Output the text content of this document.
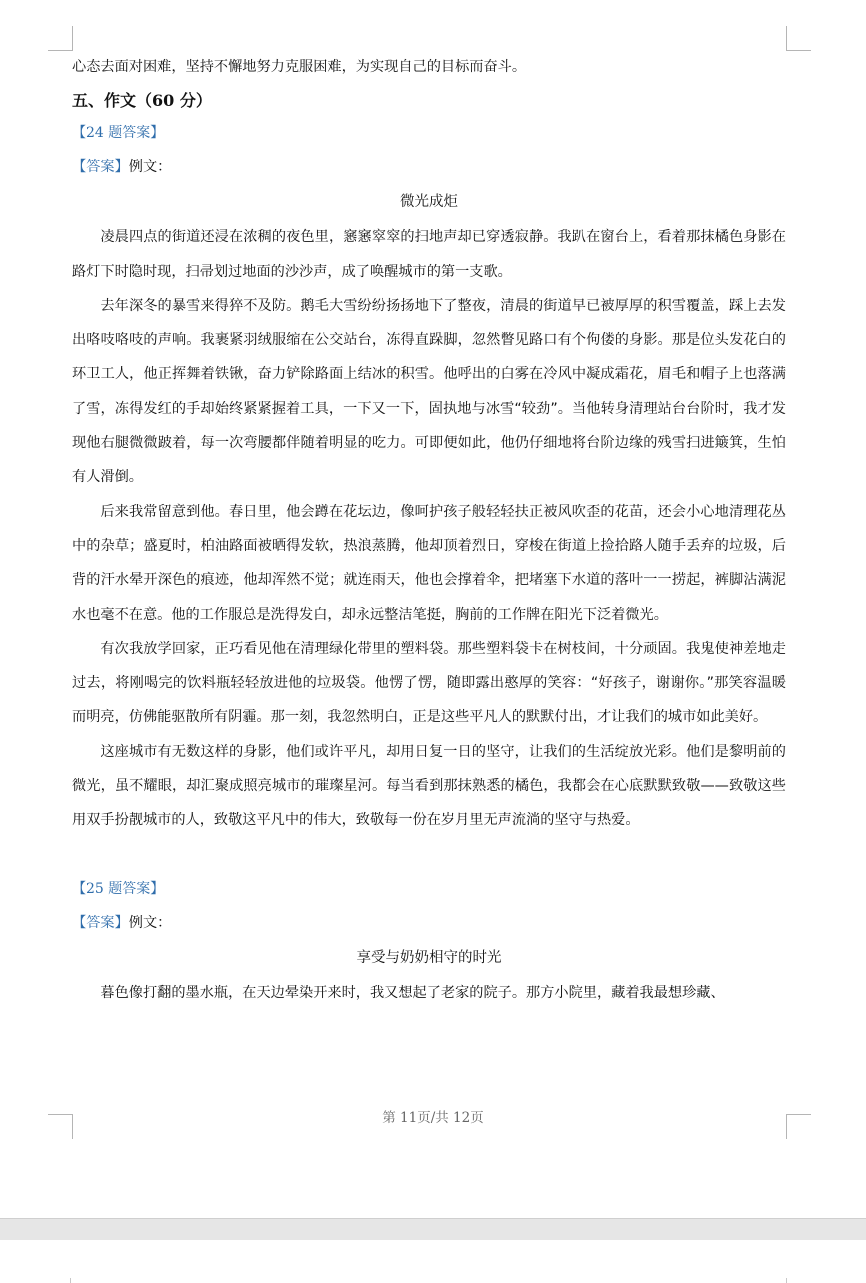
心态去面对困难，坚持不懈地努力克服困难，为实现自己的目标而奋斗。
五、作文（60 分）
【24 题答案】
【答案】例文：
微光成炬

凌晨四点的街道还浸在浓稠的夜色里，窸窸窣窣的扫地声却已穿透寂静。我趴在窗台上，看着那抹橘色身影在路灯下时隐时现，扫帚划过地面的沙沙声，成了唤醒城市的第一支歌。

去年深冬的暴雪来得猝不及防。鹅毛大雪纷纷扬扬地下了整夜，清晨的街道早已被厚厚的积雪覆盖，踩上去发出咯吱咯吱的声响。我裹紧羽绒服缩在公交站台，冻得直跺脚，忽然瞥见路口有个佝偻的身影。那是位头发花白的环卫工人，他正挥舞着铁锹，奋力铲除路面上结冰的积雪。他呼出的白雾在冷风中凝成霜花，眉毛和帽子上也落满了雪，冻得发红的手却始终紧紧握着工具，一下又一下，固执地与冰雪“较劲”。当他转身清理站台台阶时，我才发现他右腿微微跛着，每一次弯腰都伴随着明显的吃力。可即便如此，他仍仔细地将台阶边缘的残雪扫进簸箕，生怕有人滑倒。

后来我常留意到他。春日里，他会蹲在花坛边，像呵护孩子般轻轻扶正被风吹歪的花苗，还会小心地清理花丛中的杂草；盛夏时，柏油路面被晒得发软，热浪蒸腾，他却顶着烈日，穿梭在街道上捡拾路人随手丢弃的垃圾，后背的汗水晕开深色的痕迹，他却浑然不觉；就连雨天，他也会撑着伞，把堵塞下水道的落叶一一捞起，裤脚沾满泥水也毫不在意。他的工作服总是洗得发白，却永远整洁笔挺，胸前的工作牌在阳光下泛着微光。

有次我放学回家，正巧看见他在清理绿化带里的塑料袋。那些塑料袋卡在树枝间，十分顽固。我鬼使神差地走过去，将刚喝完的饮料瓶轻轻放进他的垃圾袋。他愣了愣，随即露出憨厚的笑容：“好孩子，谢谢你。”那笑容温暖而明亮，仿佛能驱散所有阴霾。那一刻，我忽然明白，正是这些平凡人的默默付出，才让我们的城市如此美好。

这座城市有无数这样的身影，他们或许平凡，却用日复一日的坚守，让我们的生活绽放光彩。他们是黎明前的微光，虽不耀眼，却汇聚成照亮城市的璀璨星河。每当看到那抹熟悉的橘色，我都会在心底默默致敬——致敬这些用双手扮靓城市的人，致敬这平凡中的伟大，致敬每一份在岁月里无声流淌的坚守与热爱。

【25 题答案】
【答案】例文：
享受与奶奶相守的时光

暮色像打翻的墨水瓶，在天边晕染开来时，我又想起了老家的院子。那方小院里，藏着我最想珍藏、

第 11页/共 12页
